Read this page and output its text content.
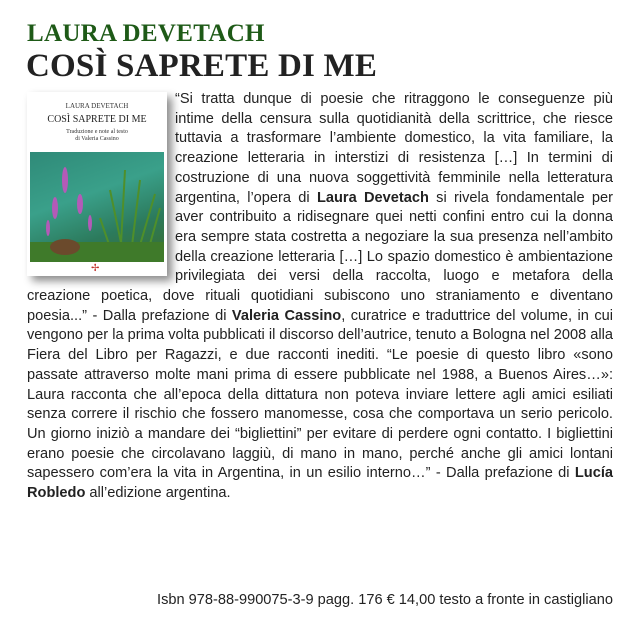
LAURA DEVETACH
COSÌ SAPRETE DI ME
LAURA DEVETACH
COSÌ SAPRETE DI ME
Traduzione e note al testo
di Valeria Cassino
✢
“Si tratta dunque di poesie che ritraggono le conseguenze più intime della censura sulla quotidianità della scrittrice, che riesce tuttavia a trasformare l’ambiente domestico, la vita familiare, la creazione letteraria in interstizi di resistenza […] In termini di costruzione di una nuova soggettività femminile nella letteratura argentina, l’opera di Laura Devetach si rivela fondamentale per aver contribuito a ridisegnare quei netti confini entro cui la donna era sempre stata costretta a negoziare la sua presenza nell’ambito della creazione letteraria […] Lo spazio domestico è ambientazione privilegiata dei versi della raccolta, luogo e metafora della creazione poetica, dove rituali quotidiani subiscono uno straniamento e diventano poesia...” - Dalla prefazione di Valeria Cassino, curatrice e traduttrice del volume, in cui vengono per la prima volta pubblicati il discorso dell’autrice, tenuto a Bologna nel 2008 alla Fiera del Libro per Ragazzi, e due racconti inediti. “Le poesie di questo libro «sono passate attraverso molte mani prima di essere pubblicate nel 1988, a Buenos Aires…»: Laura racconta che all’epoca della dittatura non poteva inviare lettere agli amici esiliati senza correre il rischio che fossero manomesse, cosa che comportava un serio pericolo. Un giorno iniziò a mandare dei “bigliettini” per evitare di perdere ogni contatto. I bigliettini erano poesie che circolavano laggiù, di mano in mano, perché anche gli amici lontani sapessero com’era la vita in Argentina, in un esilio interno…” - Dalla prefazione di Lucía Robledo all’edizione argentina.
Isbn 978-88-990075-3-9 pagg. 176 € 14,00 testo a fronte in castigliano
